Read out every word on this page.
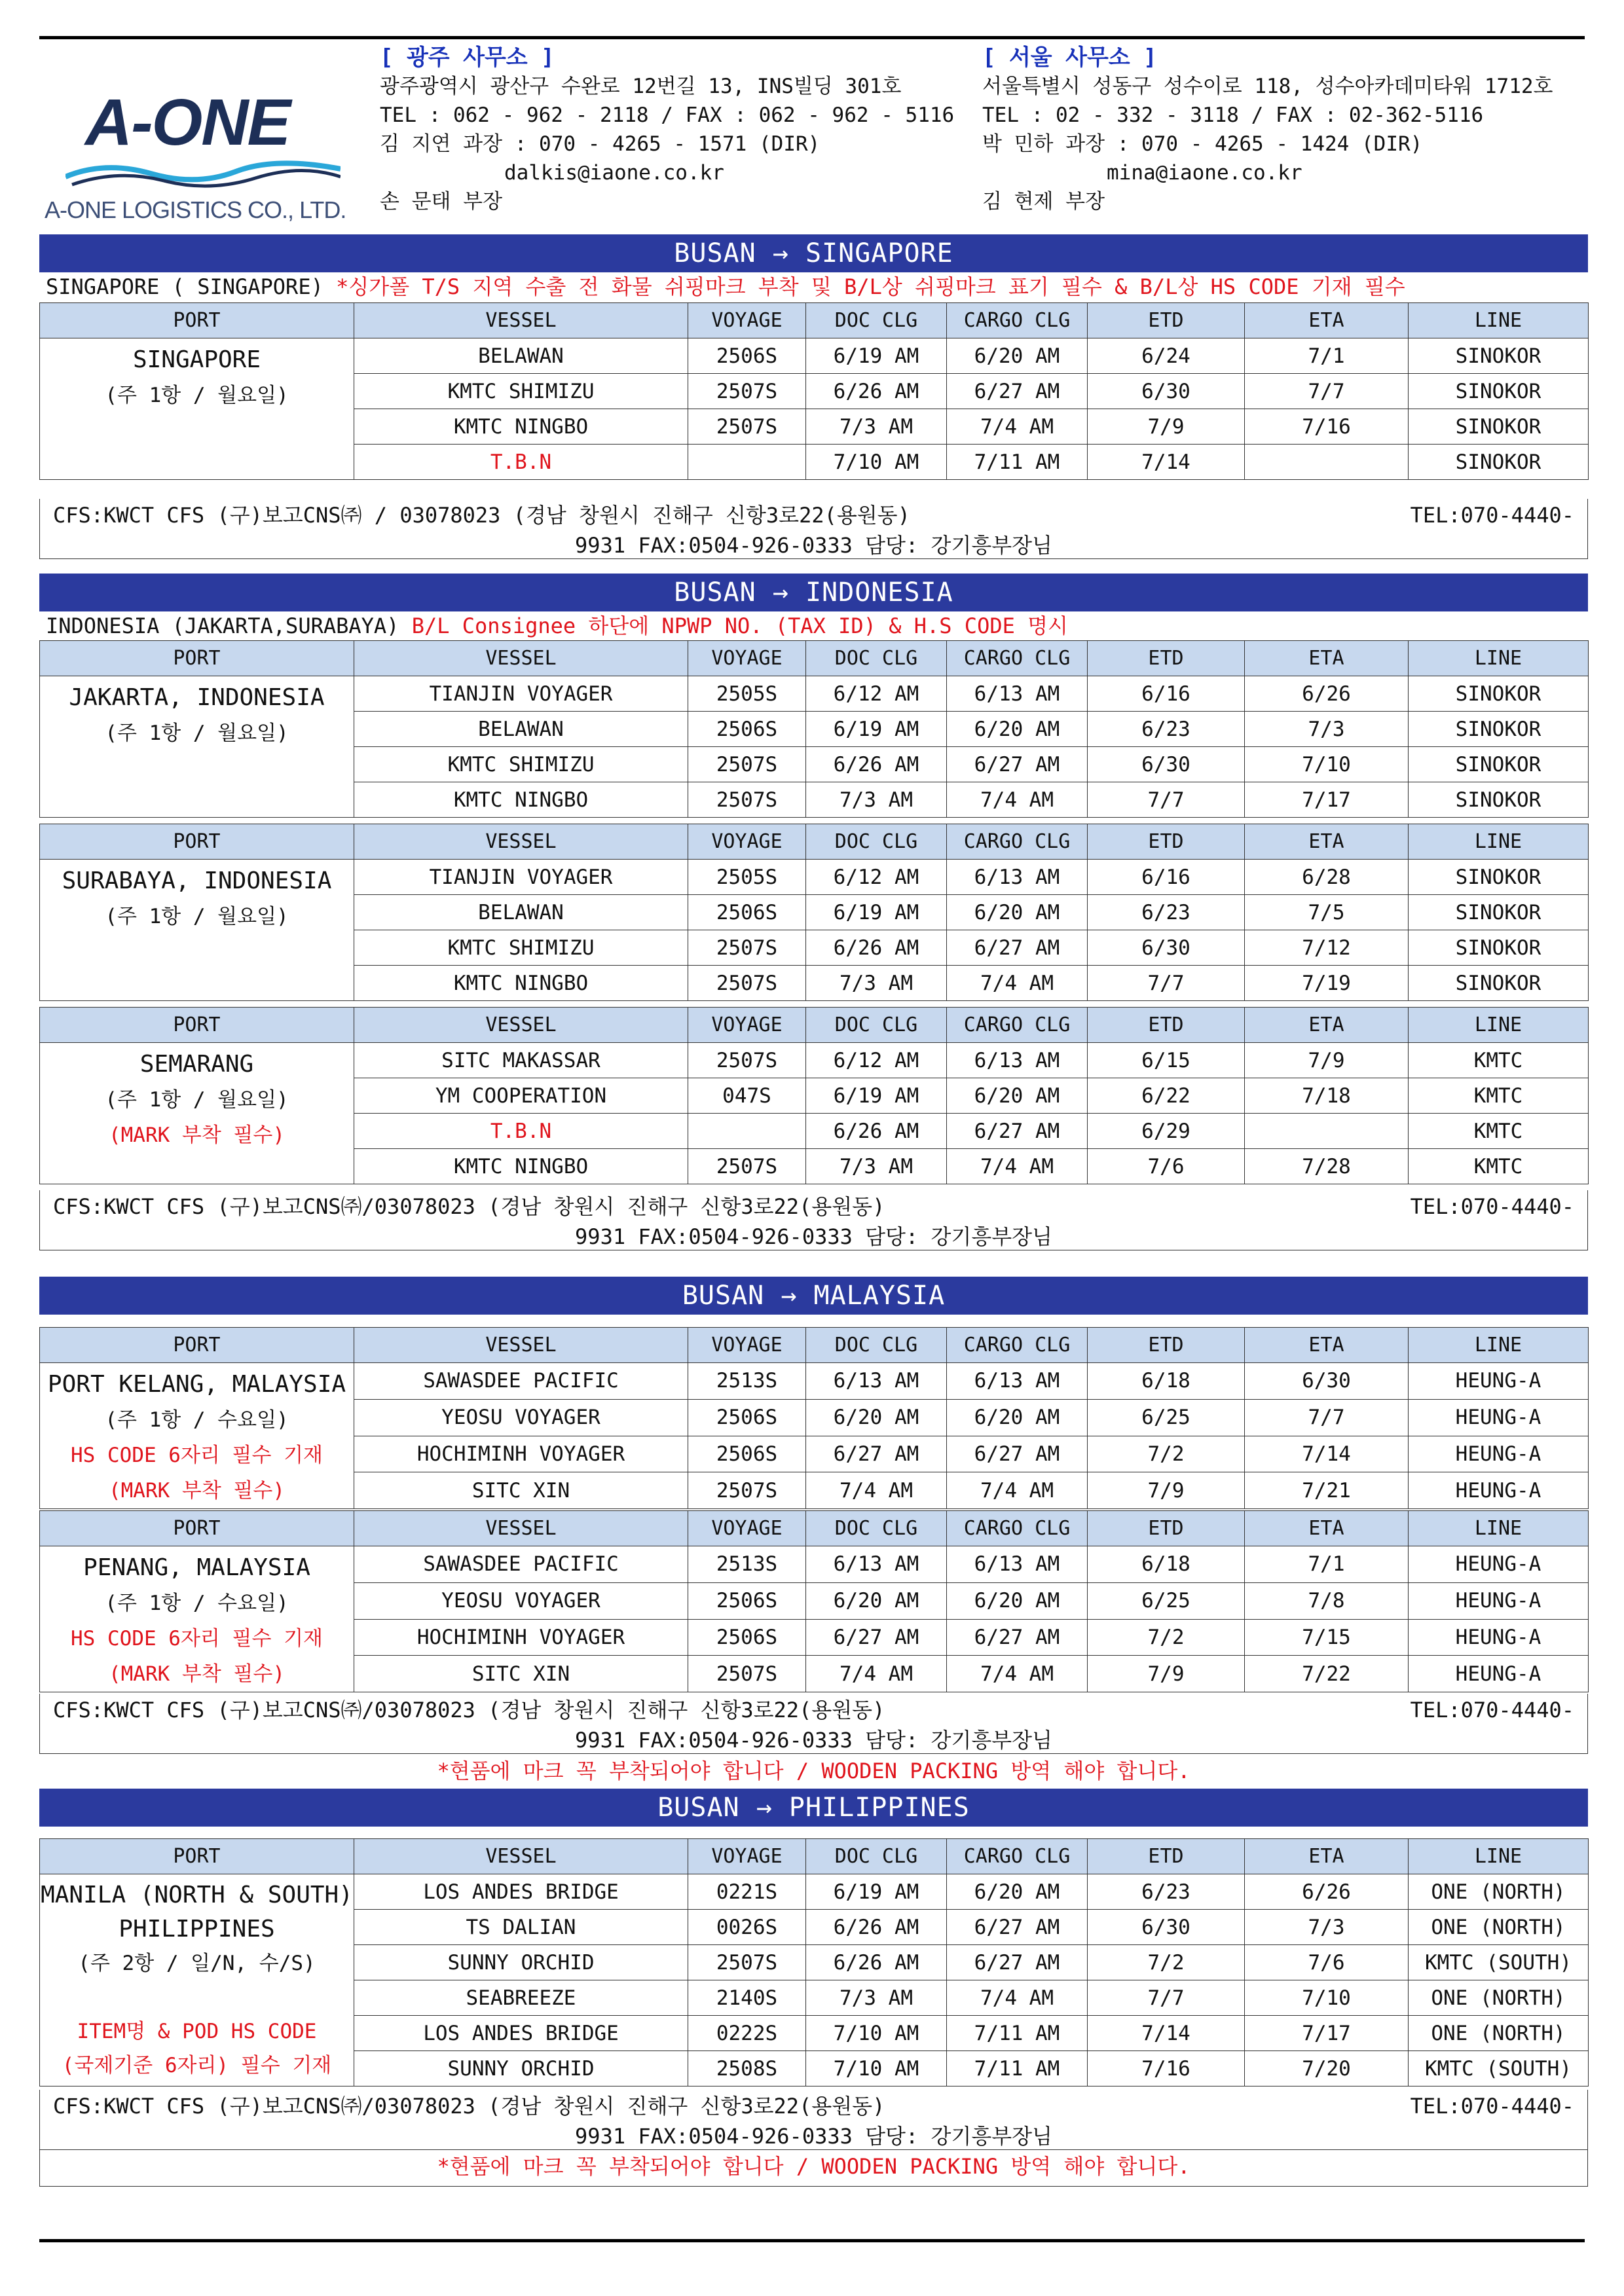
A-ONE
A-ONE LOGISTICS CO., LTD.
[ 광주 사무소 ]
광주광역시 광산구 수완로 12번길 13, INS빌딩 301호
TEL : 062 - 962 - 2118 / FAX : 062 - 962 - 5116
김 지연 과장 : 070 - 4265 - 1571 (DIR)
dalkis@iaone.co.kr
손 문태 부장
[ 서울 사무소 ]
서울특별시 성동구 성수이로 118, 성수아카데미타워 1712호
TEL : 02 - 332 - 3118 / FAX : 02-362-5116
박 민하 과장 : 070 - 4265 - 1424 (DIR)
mina@iaone.co.kr
김 현제 부장
BUSAN → SINGAPORE
SINGAPORE ( SINGAPORE) *싱가폴 T/S 지역 수출 전 화물 쉬핑마크 부착 및 B/L상 쉬핑마크 표기 필수 & B/L상 HS CODE 기재 필수
PORT	VESSEL	VOYAGE	DOC CLG	CARGO CLG	ETD	ETA	LINE

SINGAPORE
(주 1항 / 월요일)	BELAWAN	2506S	6/19 AM	6/20 AM	6/24	7/1	SINOKOR
	KMTC SHIMIZU	2507S	6/26 AM	6/27 AM	6/30	7/7	SINOKOR
	KMTC NINGBO	2507S	7/3 AM	7/4 AM	7/9	7/16	SINOKOR
	T.B.N		7/10 AM	7/11 AM	7/14		SINOKOR
CFS:KWCT CFS (구)보고CNS㈜ / 03078023 (경남 창원시 진해구 신항3로22(용원동)	TEL:070-4440-
9931 FAX:0504-926-0333 담당: 강기흥부장님
BUSAN → INDONESIA
INDONESIA (JAKARTA,SURABAYA) B/L Consignee 하단에 NPWP NO. (TAX ID) & H.S CODE 명시
PORT	VESSEL	VOYAGE	DOC CLG	CARGO CLG	ETD	ETA	LINE

JAKARTA, INDONESIA
(주 1항 / 월요일)	TIANJIN VOYAGER	2505S	6/12 AM	6/13 AM	6/16	6/26	SINOKOR
	BELAWAN	2506S	6/19 AM	6/20 AM	6/23	7/3	SINOKOR
	KMTC SHIMIZU	2507S	6/26 AM	6/27 AM	6/30	7/10	SINOKOR
	KMTC NINGBO	2507S	7/3 AM	7/4 AM	7/7	7/17	SINOKOR
PORT	VESSEL	VOYAGE	DOC CLG	CARGO CLG	ETD	ETA	LINE

SURABAYA, INDONESIA
(주 1항 / 월요일)	TIANJIN VOYAGER	2505S	6/12 AM	6/13 AM	6/16	6/28	SINOKOR
	BELAWAN	2506S	6/19 AM	6/20 AM	6/23	7/5	SINOKOR
	KMTC SHIMIZU	2507S	6/26 AM	6/27 AM	6/30	7/12	SINOKOR
	KMTC NINGBO	2507S	7/3 AM	7/4 AM	7/7	7/19	SINOKOR
PORT	VESSEL	VOYAGE	DOC CLG	CARGO CLG	ETD	ETA	LINE

SEMARANG
(주 1항 / 월요일)
(MARK 부착 필수)	SITC MAKASSAR	2507S	6/12 AM	6/13 AM	6/15	7/9	KMTC
	YM COOPERATION	047S	6/19 AM	6/20 AM	6/22	7/18	KMTC
	T.B.N		6/26 AM	6/27 AM	6/29		KMTC
	KMTC NINGBO	2507S	7/3 AM	7/4 AM	7/6	7/28	KMTC
CFS:KWCT CFS (구)보고CNS㈜/03078023 (경남 창원시 진해구 신항3로22(용원동)	TEL:070-4440-
9931 FAX:0504-926-0333 담당: 강기흥부장님
BUSAN → MALAYSIA
PORT	VESSEL	VOYAGE	DOC CLG	CARGO CLG	ETD	ETA	LINE

PORT KELANG, MALAYSIA
(주 1항 / 수요일)
HS CODE 6자리 필수 기재
(MARK 부착 필수)	SAWASDEE PACIFIC	2513S	6/13 AM	6/13 AM	6/18	6/30	HEUNG-A
	YEOSU VOYAGER	2506S	6/20 AM	6/20 AM	6/25	7/7	HEUNG-A
	HOCHIMINH VOYAGER	2506S	6/27 AM	6/27 AM	7/2	7/14	HEUNG-A
	SITC XIN	2507S	7/4 AM	7/4 AM	7/9	7/21	HEUNG-A
PORT	VESSEL	VOYAGE	DOC CLG	CARGO CLG	ETD	ETA	LINE

PENANG, MALAYSIA
(주 1항 / 수요일)
HS CODE 6자리 필수 기재
(MARK 부착 필수)	SAWASDEE PACIFIC	2513S	6/13 AM	6/13 AM	6/18	7/1	HEUNG-A
	YEOSU VOYAGER	2506S	6/20 AM	6/20 AM	6/25	7/8	HEUNG-A
	HOCHIMINH VOYAGER	2506S	6/27 AM	6/27 AM	7/2	7/15	HEUNG-A
	SITC XIN	2507S	7/4 AM	7/4 AM	7/9	7/22	HEUNG-A
CFS:KWCT CFS (구)보고CNS㈜/03078023 (경남 창원시 진해구 신항3로22(용원동)	TEL:070-4440-
9931 FAX:0504-926-0333 담당: 강기흥부장님
*현품에 마크 꼭 부착되어야 합니다 / WOODEN PACKING 방역 해야 합니다.
BUSAN → PHILIPPINES
PORT	VESSEL	VOYAGE	DOC CLG	CARGO CLG	ETD	ETA	LINE

MANILA (NORTH & SOUTH)
PHILIPPINES
(주 2항 / 일/N, 수/S)

ITEM명 & POD HS CODE
(국제기준 6자리) 필수 기재	LOS ANDES BRIDGE	0221S	6/19 AM	6/20 AM	6/23	6/26	ONE (NORTH)
	TS DALIAN	0026S	6/26 AM	6/27 AM	6/30	7/3	ONE (NORTH)
	SUNNY ORCHID	2507S	6/26 AM	6/27 AM	7/2	7/6	KMTC (SOUTH)
	SEABREEZE	2140S	7/3 AM	7/4 AM	7/7	7/10	ONE (NORTH)
	LOS ANDES BRIDGE	0222S	7/10 AM	7/11 AM	7/14	7/17	ONE (NORTH)
	SUNNY ORCHID	2508S	7/10 AM	7/11 AM	7/16	7/20	KMTC (SOUTH)
CFS:KWCT CFS (구)보고CNS㈜/03078023 (경남 창원시 진해구 신항3로22(용원동)	TEL:070-4440-
9931 FAX:0504-926-0333 담당: 강기흥부장님
*현품에 마크 꼭 부착되어야 합니다 / WOODEN PACKING 방역 해야 합니다.
